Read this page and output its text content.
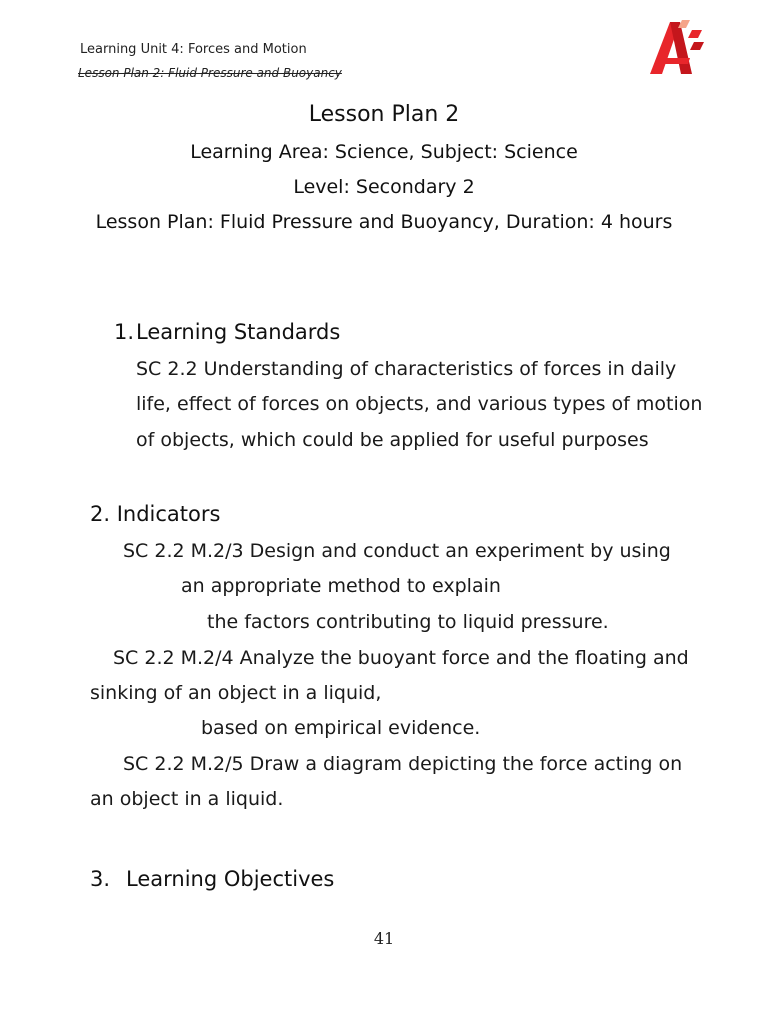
Learning Unit 4: Forces and Motion
Lesson Plan 2: Fluid Pressure and Buoyancy
Lesson Plan 2
Learning Area: Science, Subject: Science
Level: Secondary 2
Lesson Plan: Fluid Pressure and Buoyancy, Duration: 4 hours
1. Learning Standards
SC 2.2 Understanding of characteristics of forces in daily
life, effect of forces on objects, and various types of motion
of objects, which could be applied for useful purposes
2. Indicators
SC 2.2 M.2/3 Design and conduct an experiment by using
an appropriate method to explain
the factors contributing to liquid pressure.
SC 2.2 M.2/4 Analyze the buoyant force and the floating and
sinking of an object in a liquid,
based on empirical evidence.
SC 2.2 M.2/5 Draw a diagram depicting the force acting on
an object in a liquid.
3. Learning Objectives
41
